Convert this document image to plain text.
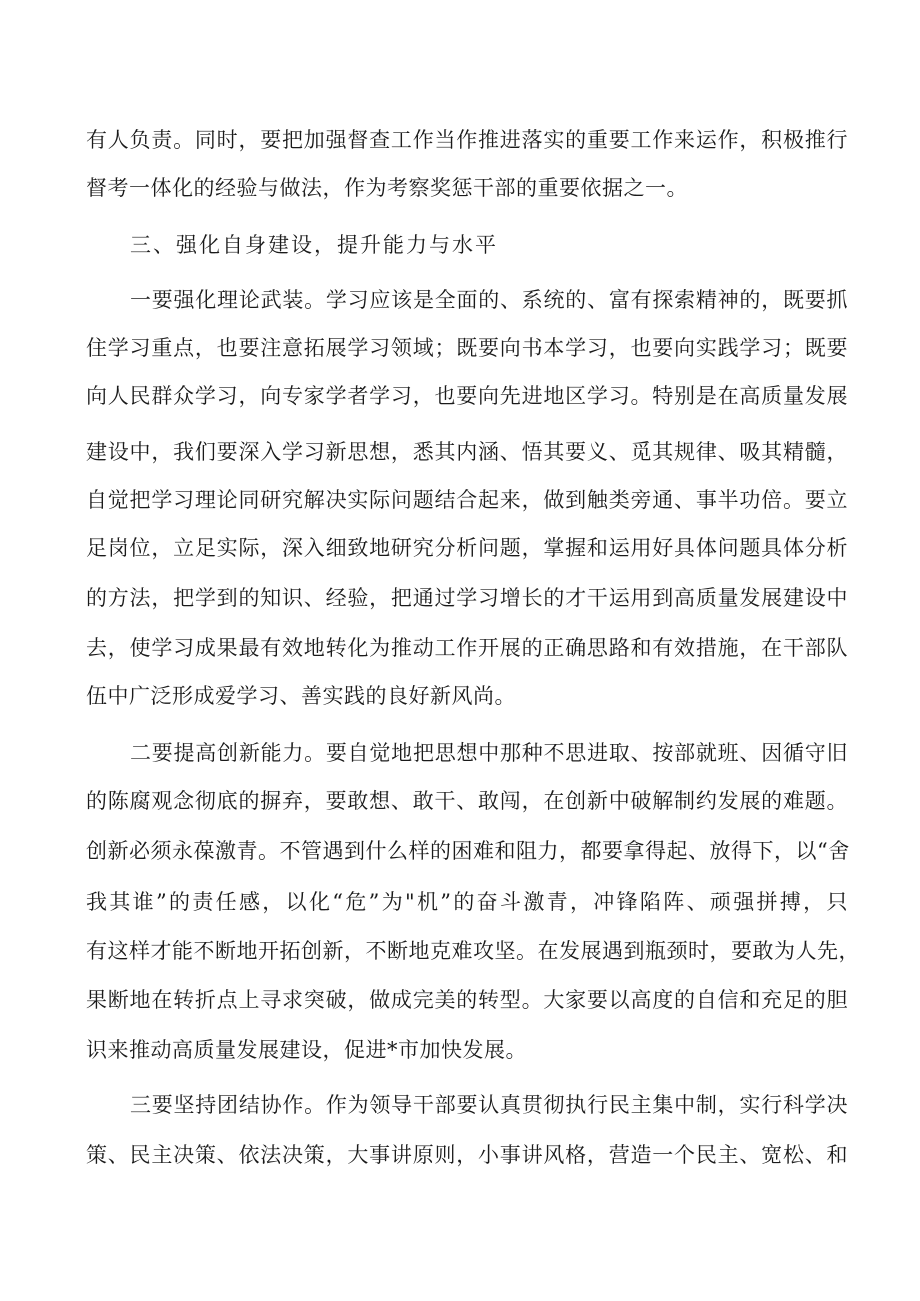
有人负责。同时，要把加强督查工作当作推进落实的重要工作来运作，积极推行
督考一体化的经验与做法，作为考察奖惩干部的重要依据之一。
三、强化自身建设，提升能力与水平
一要强化理论武装。学习应该是全面的、系统的、富有探索精神的，既要抓
住学习重点，也要注意拓展学习领域；既要向书本学习，也要向实践学习；既要
向人民群众学习，向专家学者学习，也要向先进地区学习。特别是在高质量发展
建设中，我们要深入学习新思想，悉其内涵、悟其要义、觅其规律、吸其精髓，
自觉把学习理论同研究解决实际问题结合起来，做到触类旁通、事半功倍。要立
足岗位，立足实际，深入细致地研究分析问题，掌握和运用好具体问题具体分析
的方法，把学到的知识、经验，把通过学习增长的才干运用到高质量发展建设中
去，使学习成果最有效地转化为推动工作开展的正确思路和有效措施，在干部队
伍中广泛形成爱学习、善实践的良好新风尚。
二要提高创新能力。要自觉地把思想中那种不思进取、按部就班、因循守旧
的陈腐观念彻底的摒弃，要敢想、敢干、敢闯，在创新中破解制约发展的难题。
创新必须永葆激青。不管遇到什么样的困难和阻力，都要拿得起、放得下，以“舍
我其谁”的责任感，以化“危”为"机”的奋斗激青，冲锋陷阵、顽强拼搏，只
有这样才能不断地开拓创新，不断地克难攻坚。在发展遇到瓶颈时，要敢为人先，
果断地在转折点上寻求突破，做成完美的转型。大家要以高度的自信和充足的胆
识来推动高质量发展建设，促进*市加快发展。
三要坚持团结协作。作为领导干部要认真贯彻执行民主集中制，实行科学决
策、民主决策、依法决策，大事讲原则，小事讲风格，营造一个民主、宽松、和
